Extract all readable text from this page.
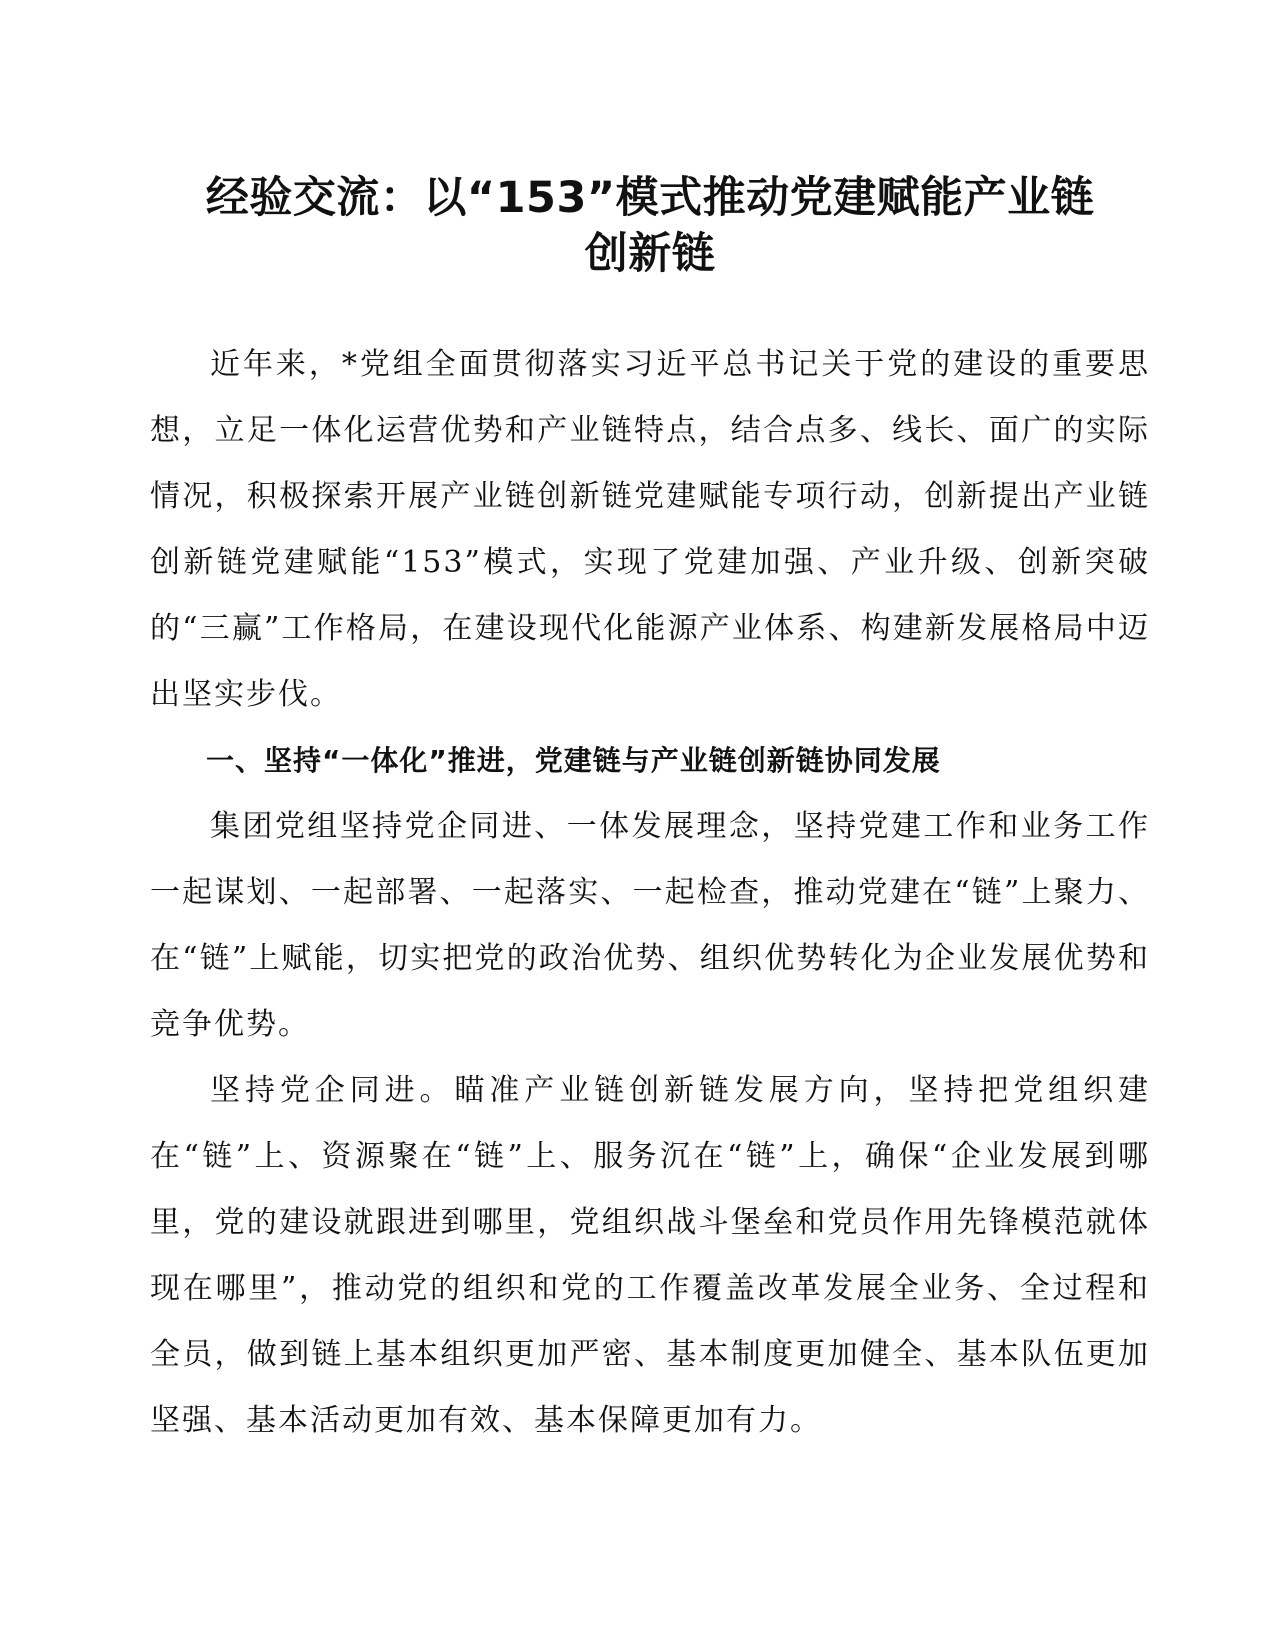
经验交流：以“153”模式推动党建赋能产业链
创新链

近年来，*党组全面贯彻落实习近平总书记关于党的建设的重要思想，立足一体化运营优势和产业链特点，结合点多、线长、面广的实际情况，积极探索开展产业链创新链党建赋能专项行动，创新提出产业链创新链党建赋能“153”模式，实现了党建加强、产业升级、创新突破的“三赢”工作格局，在建设现代化能源产业体系、构建新发展格局中迈出坚实步伐。

一、坚持“一体化”推进，党建链与产业链创新链协同发展

集团党组坚持党企同进、一体发展理念，坚持党建工作和业务工作一起谋划、一起部署、一起落实、一起检查，推动党建在“链”上聚力、在“链”上赋能，切实把党的政治优势、组织优势转化为企业发展优势和竞争优势。

坚持党企同进。瞄准产业链创新链发展方向，坚持把党组织建在“链”上、资源聚在“链”上、服务沉在“链”上，确保“企业发展到哪里，党的建设就跟进到哪里，党组织战斗堡垒和党员作用先锋模范就体现在哪里”，推动党的组织和党的工作覆盖改革发展全业务、全过程和全员，做到链上基本组织更加严密、基本制度更加健全、基本队伍更加坚强、基本活动更加有效、基本保障更加有力。
